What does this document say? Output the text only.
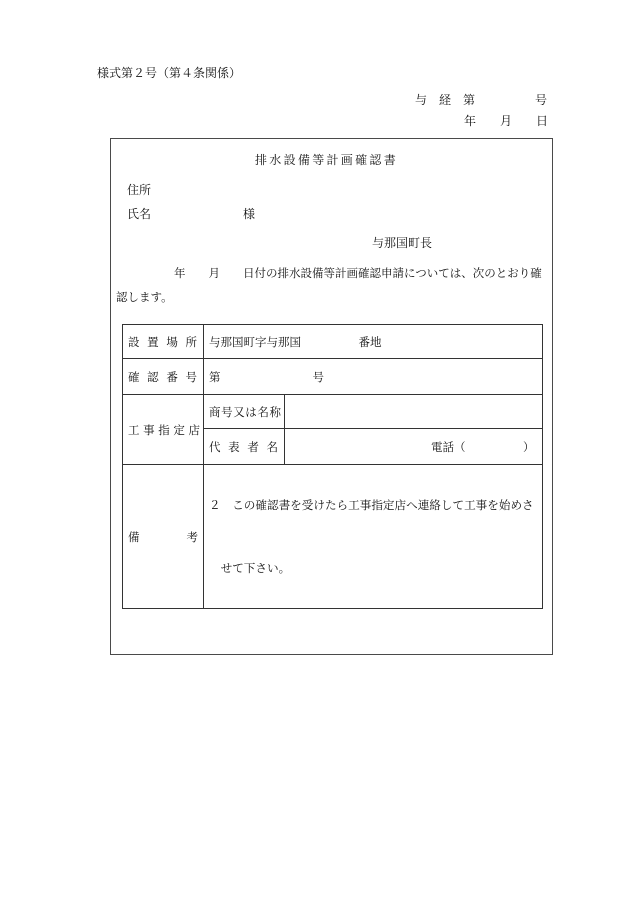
様式第２号（第４条関係）
与　経　第　　　　　号
年　　月　　日
排水設備等計画確認書
住所
氏名	様
与那国町長
年　　月　　日付の排水設備等計画確認申請については、次のとおり確
認します。
設 置 場 所 与那国町字与那国　　　　　番地
確 認 番 号 第　　　　　　　　号
工事指定店
商号又は名称
代 表 者 名	電話（　　　　　）
備　　　　考

２ この確認書を受けたら工事指定店へ連絡して工事を始めさ

せて下さい。
